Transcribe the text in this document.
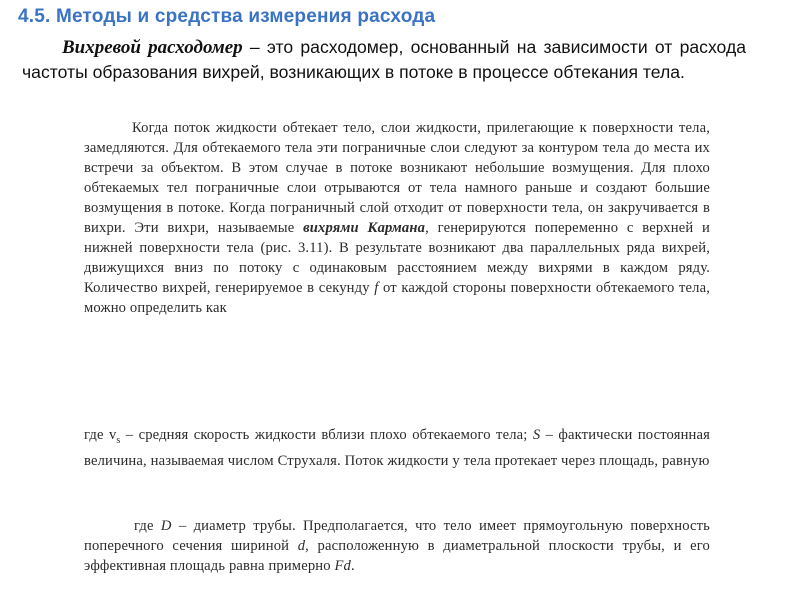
4.5. Методы и средства измерения расхода

Вихревой расходомер – это расходомер, основанный на зависимости от расхода частоты образования вихрей, возникающих в потоке в процессе обтекания тела.

Когда поток жидкости обтекает тело, слои жидкости, прилегающие к поверхности тела, замедляются. Для обтекаемого тела эти пограничные слои следуют за контуром тела до места их встречи за объектом. В этом случае в потоке возникают небольшие возмущения. Для плохо обтекаемых тел пограничные слои отрываются от тела намного раньше и создают большие возмущения в потоке. Когда пограничный слой отходит от поверхности тела, он закручивается в вихри. Эти вихри, называемые вихрями Кармана, генерируются попеременно с верхней и нижней поверхности тела (рис. 3.11). В результате возникают два параллельных ряда вихрей, движущихся вниз по потоку с одинаковым расстоянием между вихрями в каждом ряду. Количество вихрей, генерируемое в секунду f от каждой стороны поверхности обтекаемого тела, можно определить как

где $v_s$ – средняя скорость жидкости вблизи плохо обтекаемого тела; S – фактически постоянная величина, называемая числом Струхаля. Поток жидкости у тела протекает через площадь, равную

где D – диаметр трубы. Предполагается, что тело имеет прямоугольную поверхность поперечного сечения шириной d, расположенную в диаметральной плоскости трубы, и его эффективная площадь равна примерно Fd.
